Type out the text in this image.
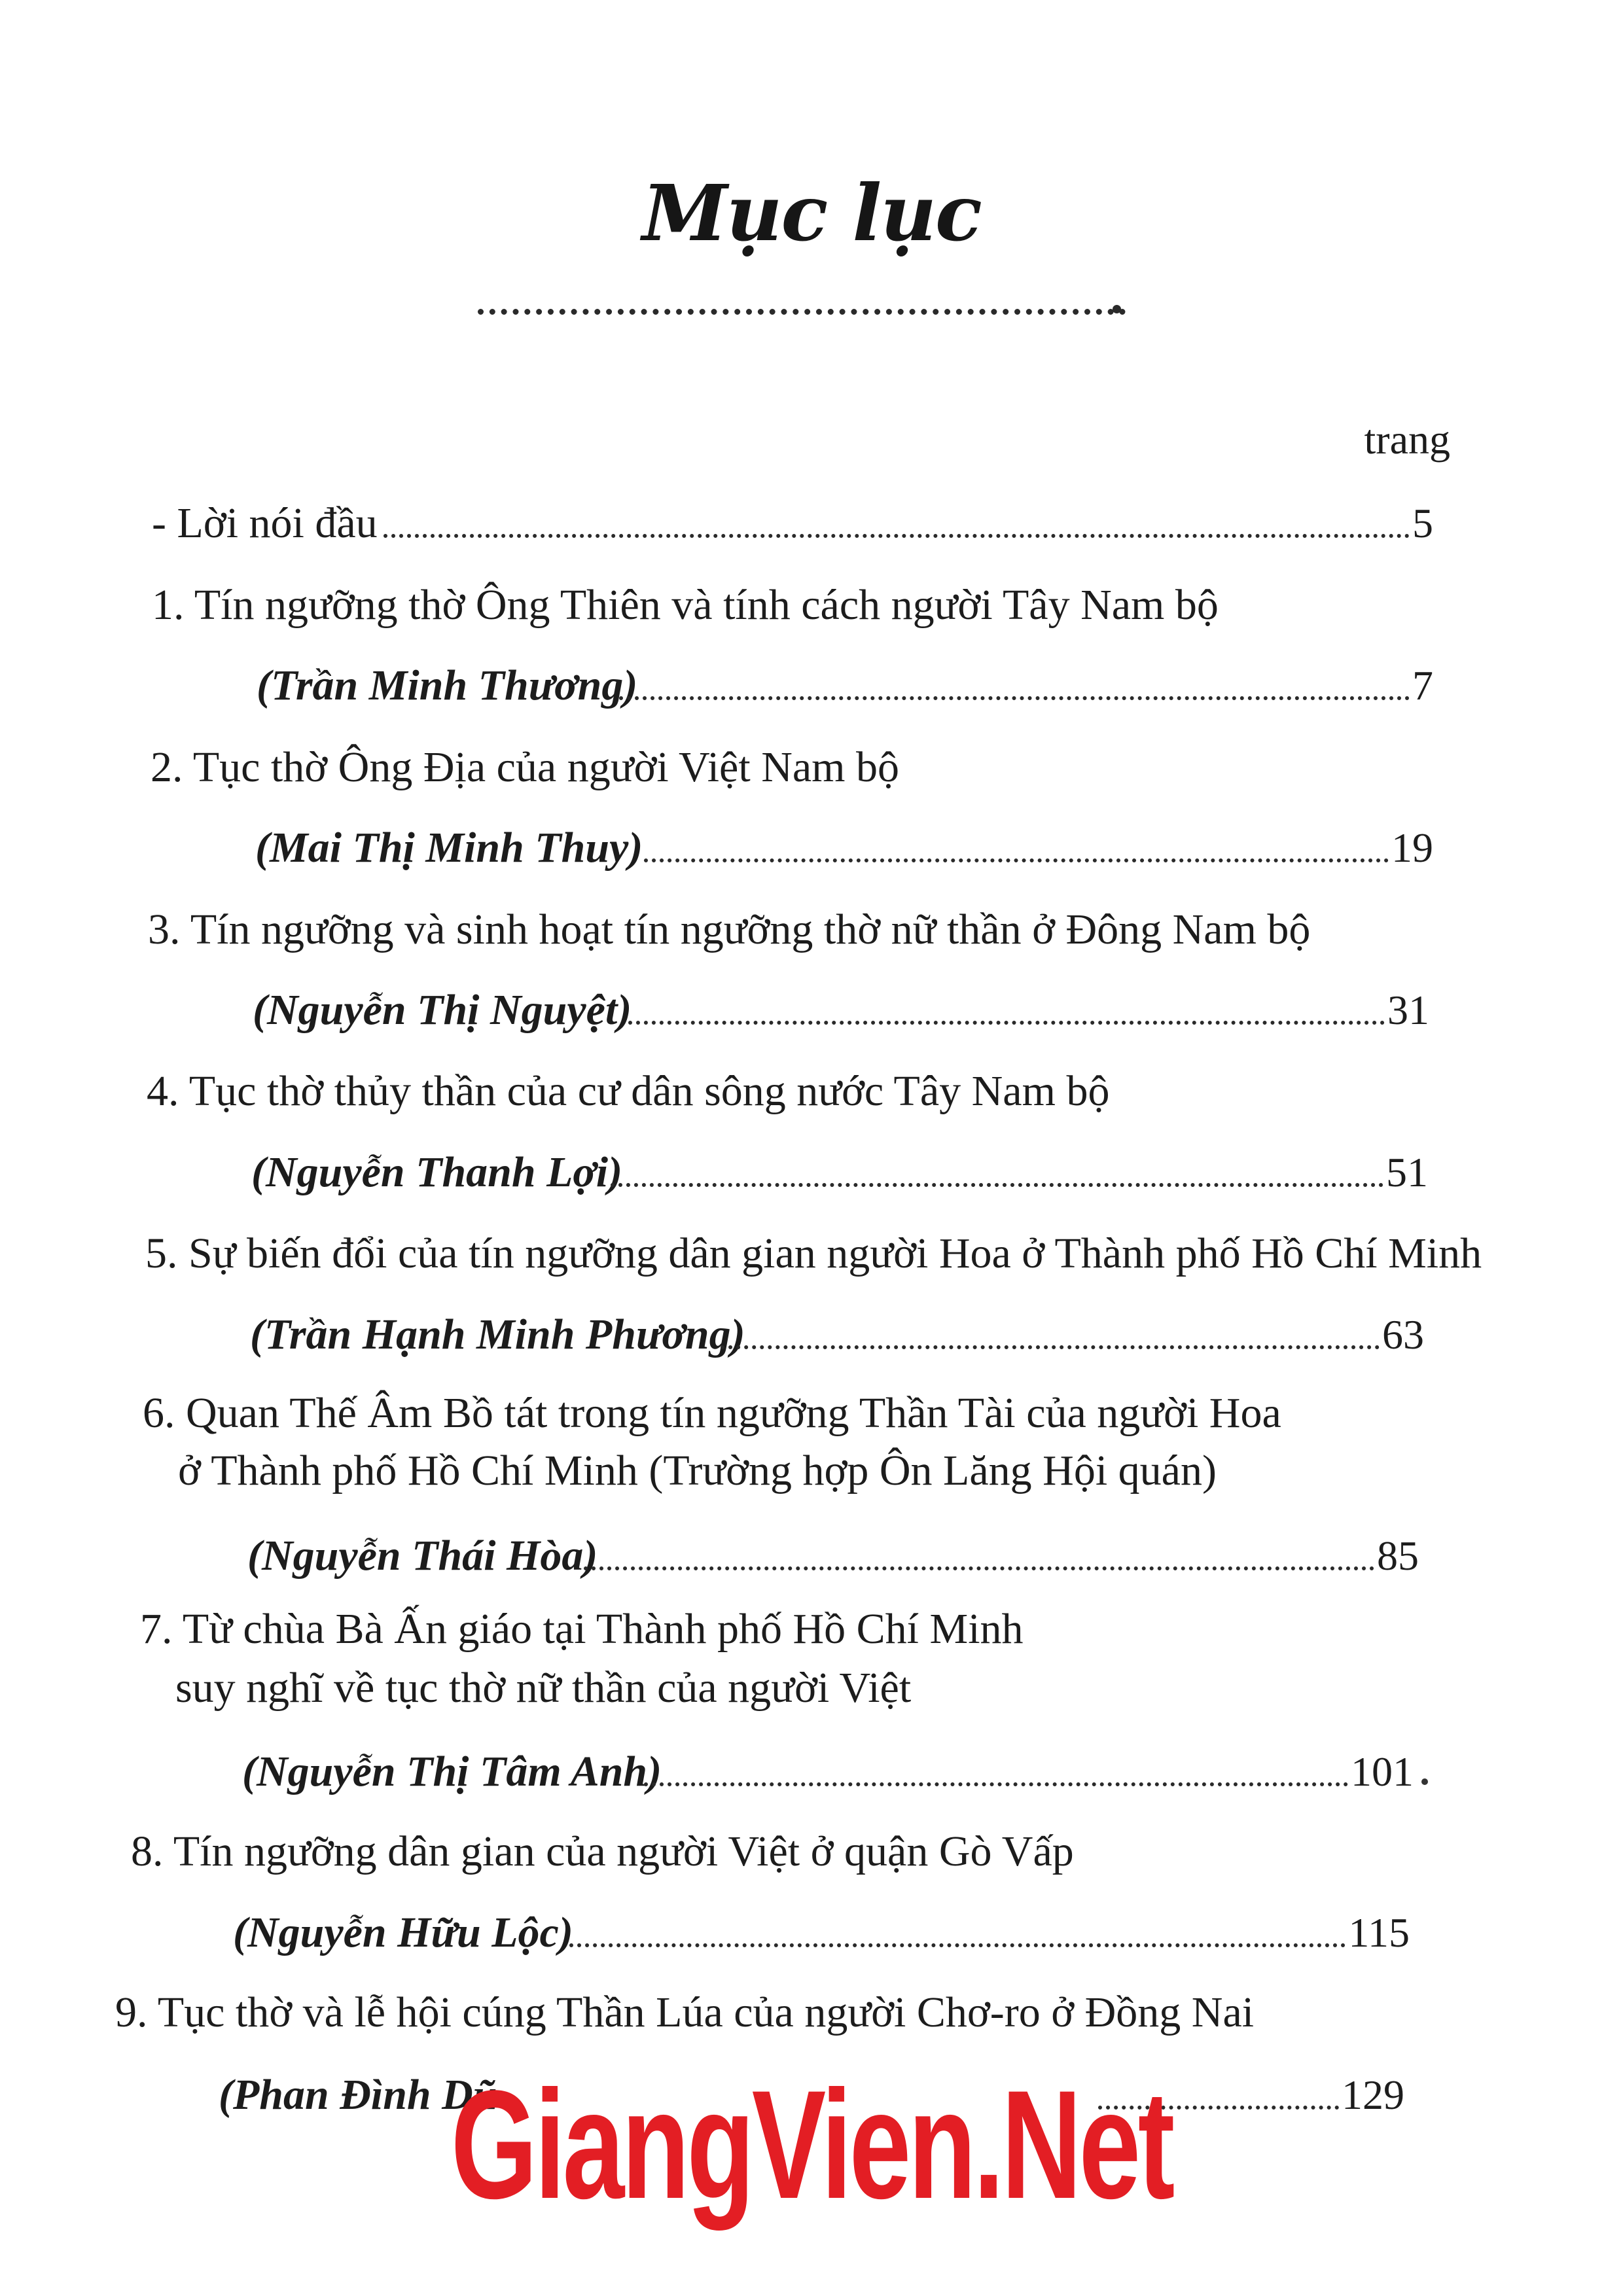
Mục lục
trang
- Lời nói đầu	5
1. Tín ngưỡng thờ Ông Thiên và tính cách người Tây Nam bộ
(Trần Minh Thương)	7
2. Tục thờ Ông Địa của người Việt Nam bộ
(Mai Thị Minh Thuy)	19
3. Tín ngưỡng và sinh hoạt tín ngưỡng thờ nữ thần ở Đông Nam bộ
(Nguyễn Thị Nguyệt)	31
4. Tục thờ thủy thần của cư dân sông nước Tây Nam bộ
(Nguyễn Thanh Lợi)	51
5. Sự biến đổi của tín ngưỡng dân gian người Hoa ở Thành phố Hồ Chí Minh
(Trần Hạnh Minh Phương)	63
6. Quan Thế Âm Bồ tát trong tín ngưỡng Thần Tài của người Hoa
ở Thành phố Hồ Chí Minh (Trường hợp Ôn Lăng Hội quán)
(Nguyễn Thái Hòa)	85
7. Từ chùa Bà Ấn giáo tại Thành phố Hồ Chí Minh
suy nghĩ về tục thờ nữ thần của người Việt
(Nguyễn Thị Tâm Anh)	101
8. Tín ngưỡng dân gian của người Việt ở quận Gò Vấp
(Nguyễn Hữu Lộc)	115
9. Tục thờ và lễ hội cúng Thần Lúa của người Chơ-ro ở Đồng Nai
(Phan Đình Dũ	129
GiangVien.Net
